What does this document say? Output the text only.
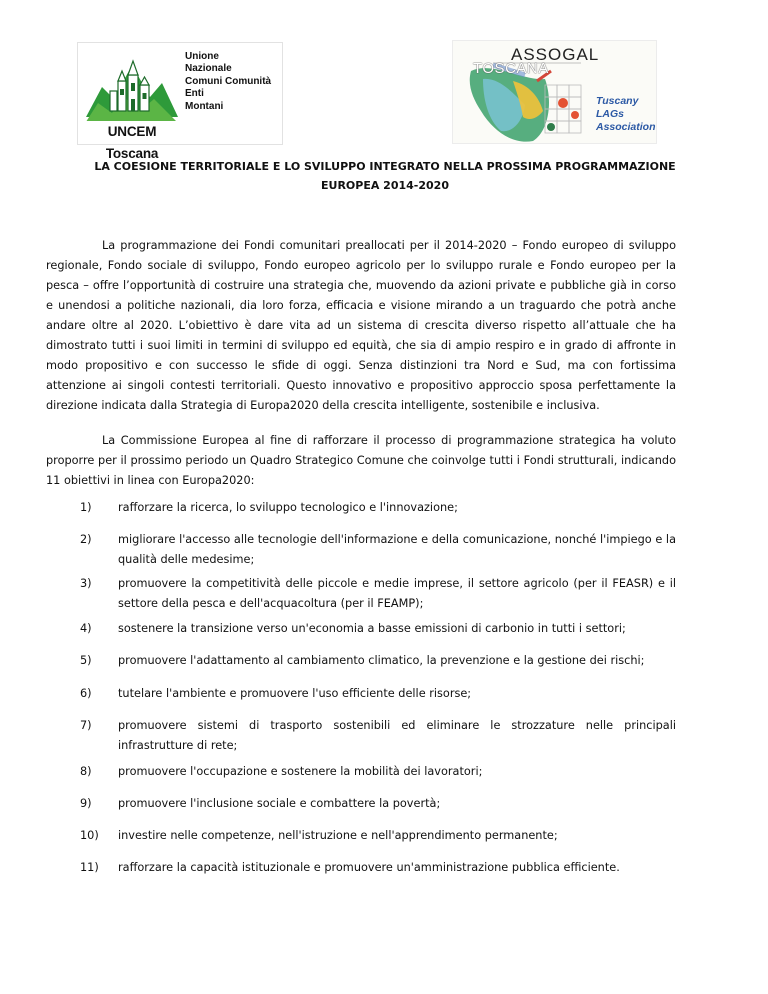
UNCEM Toscana
Unione
Nazionale
Comuni Comunità
Enti
Montani
ASSOGAL
TOSCANA
Tuscany
LAGs
Association
LA COESIONE TERRITORIALE E LO SVILUPPO INTEGRATO NELLA PROSSIMA PROGRAMMAZIONE
EUROPEA 2014-2020

La programmazione dei Fondi comunitari preallocati per il 2014-2020 – Fondo europeo di sviluppo regionale, Fondo sociale di sviluppo, Fondo europeo agricolo per lo sviluppo rurale e Fondo europeo per la pesca – offre l’opportunità di costruire una strategia che, muovendo da azioni private e pubbliche già in corso e unendosi a politiche nazionali, dia loro forza, efficacia e visione mirando a un traguardo che potrà anche andare oltre al 2020. L’obiettivo è dare vita ad un sistema di crescita diverso rispetto all’attuale che ha dimostrato tutti i suoi limiti in termini di sviluppo ed equità, che sia di ampio respiro e in grado di affronte in modo propositivo e con successo le sfide di oggi. Senza distinzioni tra Nord e Sud, ma con fortissima attenzione ai singoli contesti territoriali. Questo innovativo e propositivo approccio sposa perfettamente la direzione indicata dalla Strategia di Europa2020 della crescita intelligente, sostenibile e inclusiva.

La Commissione Europea al fine di rafforzare il processo di programmazione strategica ha voluto proporre per il prossimo periodo un Quadro Strategico Comune che coinvolge tutti i Fondi strutturali, indicando 11 obiettivi in linea con Europa2020:

1)	rafforzare la ricerca, lo sviluppo tecnologico e l'innovazione;
2)	migliorare l'accesso alle tecnologie dell'informazione e della comunicazione, nonché l'impiego e la qualità delle medesime;
3)	promuovere la competitività delle piccole e medie imprese, il settore agricolo (per il FEASR) e il settore della pesca e dell'acquacoltura (per il FEAMP);
4)	sostenere la transizione verso un'economia a basse emissioni di carbonio in tutti i settori;
5)	promuovere l'adattamento al cambiamento climatico, la prevenzione e la gestione dei rischi;
6)	tutelare l'ambiente e promuovere l'uso efficiente delle risorse;
7)	promuovere sistemi di trasporto sostenibili ed eliminare le strozzature nelle principali infrastrutture di rete;
8)	promuovere l'occupazione e sostenere la mobilità dei lavoratori;
9)	promuovere l'inclusione sociale e combattere la povertà;
10)	investire nelle competenze, nell'istruzione e nell'apprendimento permanente;
11)	rafforzare la capacità istituzionale e promuovere un'amministrazione pubblica efficiente.
